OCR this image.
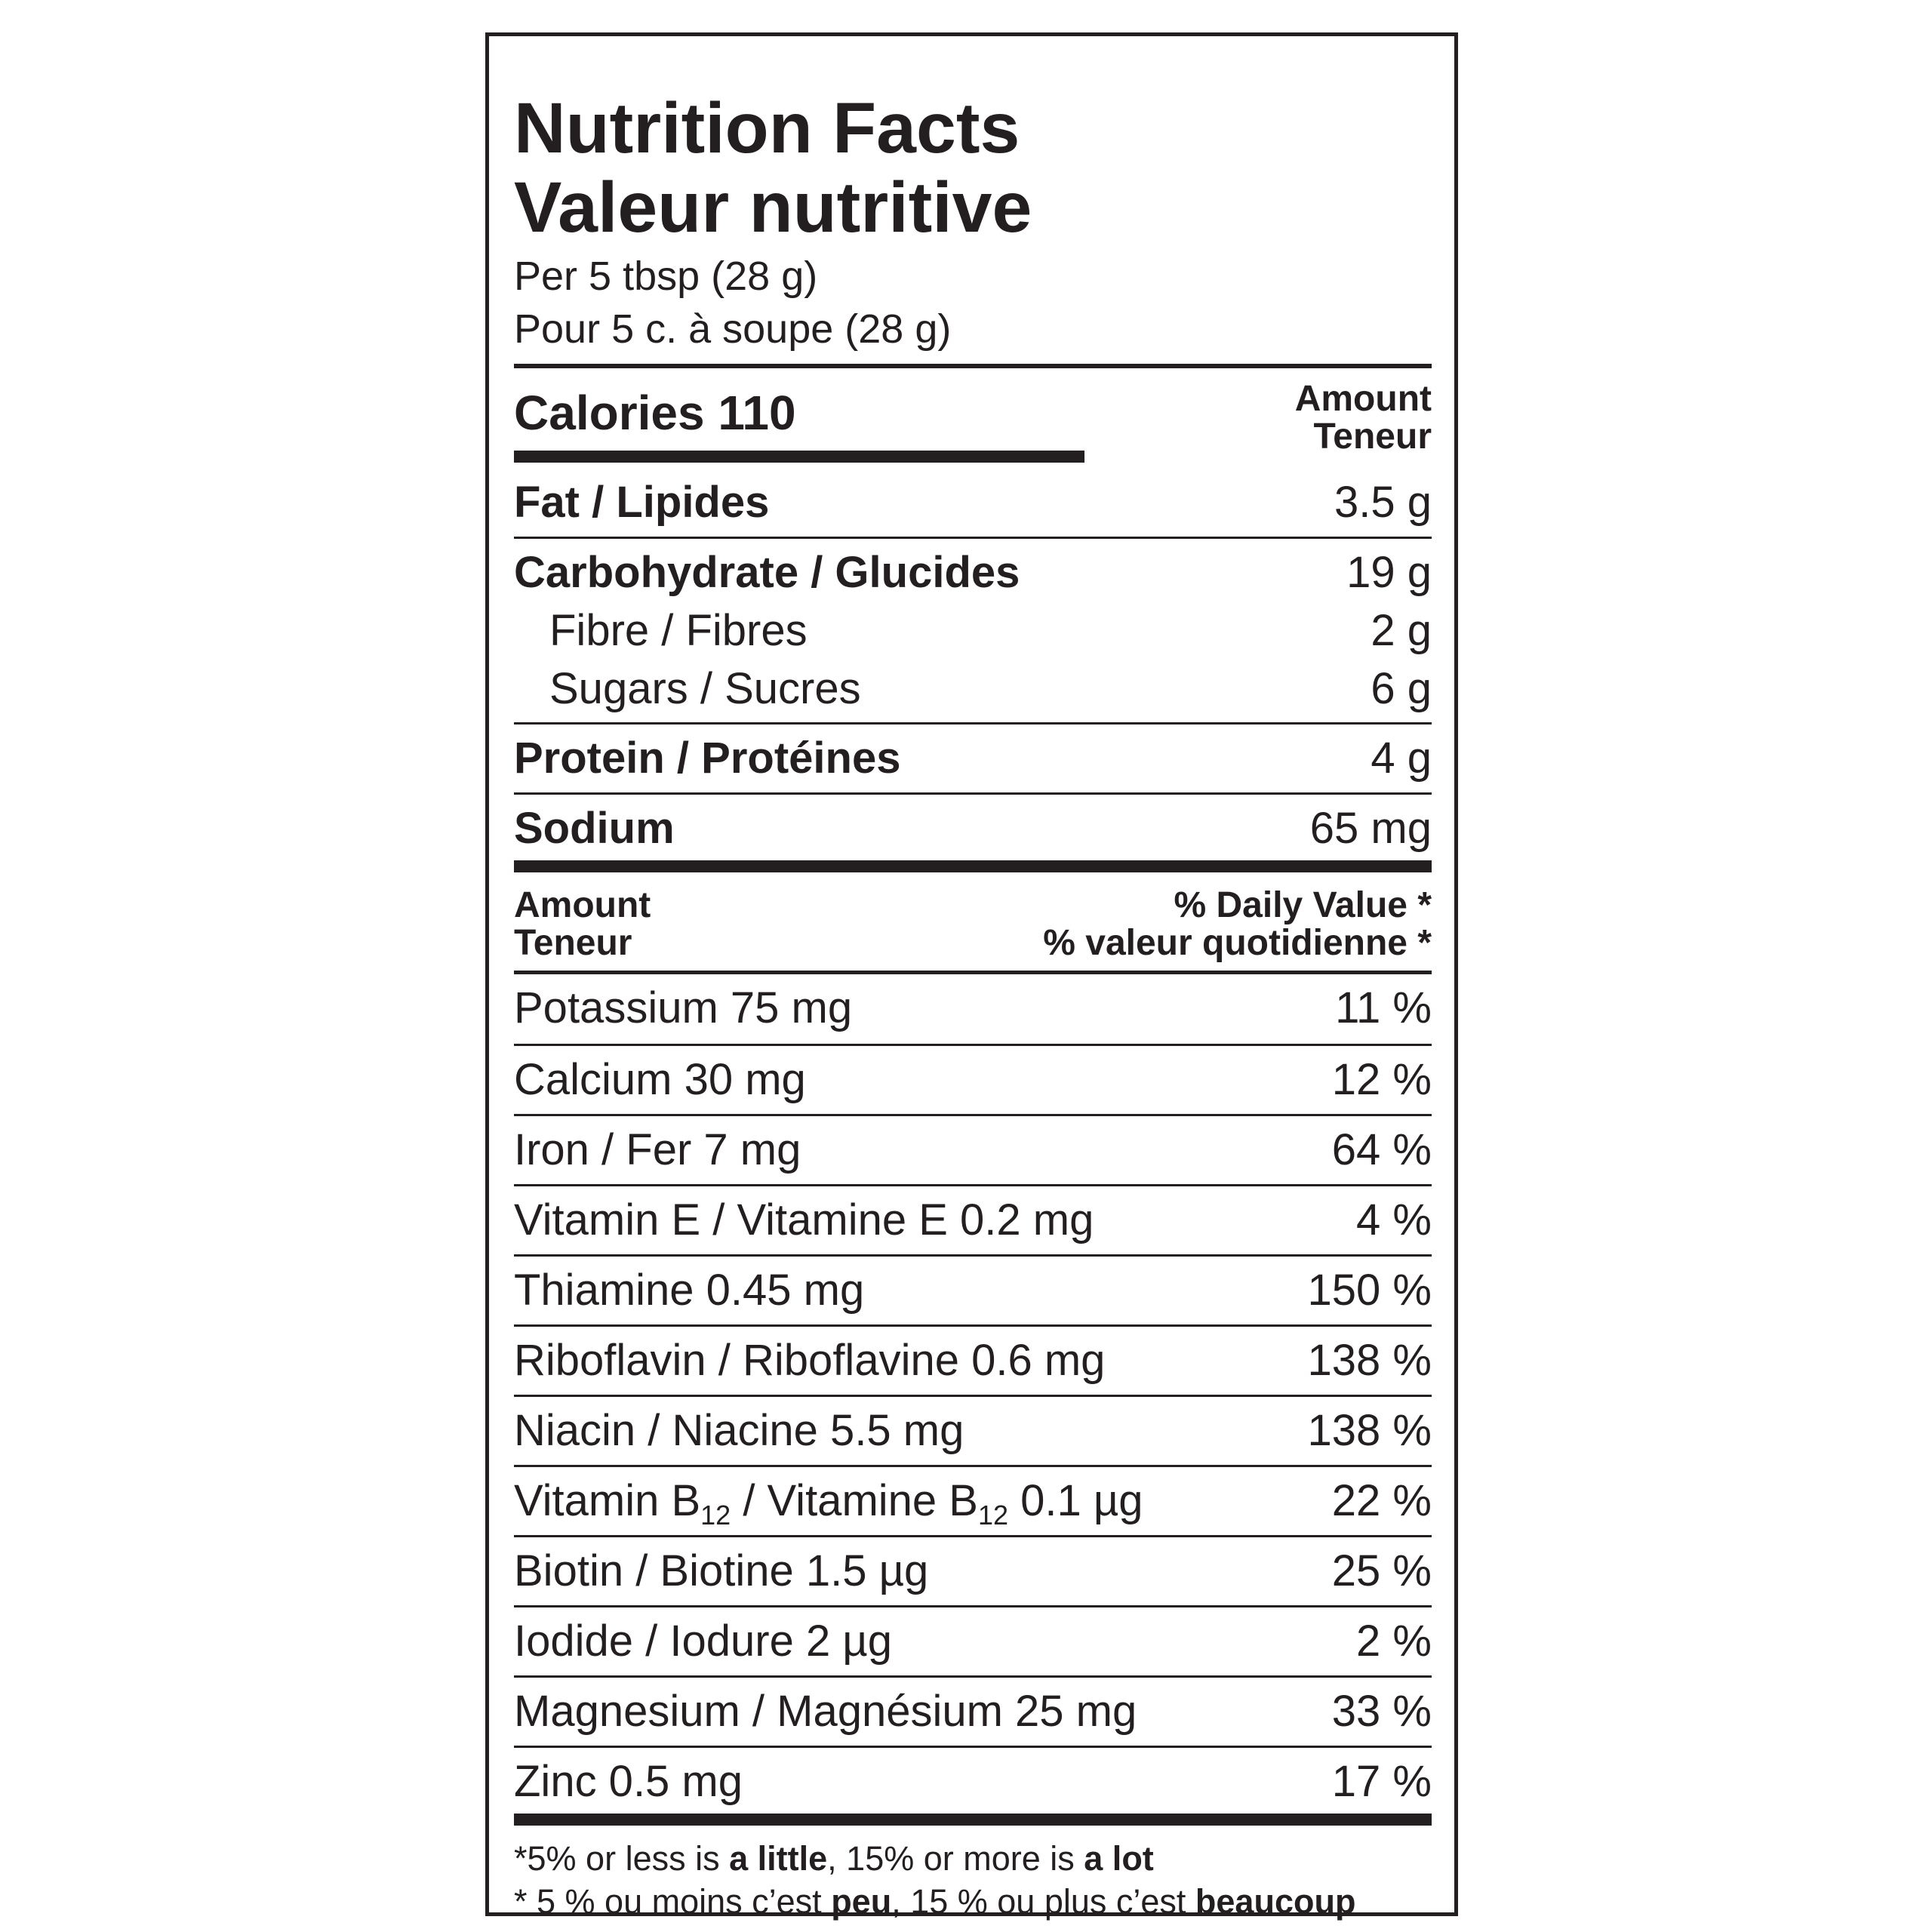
Nutrition Facts
Valeur nutritive
Per 5 tbsp (28 g)
Pour 5 c. à soupe (28 g)
Calories 110	Amount
Teneur
Fat / Lipides	3.5 g
Carbohydrate / Glucides	19 g
Fibre / Fibres	2 g
Sugars / Sucres	6 g
Protein / Protéines	4 g
Sodium	65 mg
Amount
Teneur
% Daily Value *
% valeur quotidienne *
Potassium 75 mg	11 %
Calcium 30 mg	12 %
Iron / Fer 7 mg	64 %
Vitamin E / Vitamine E 0.2 mg	4 %
Thiamine 0.45 mg	150 %
Riboflavin / Riboflavine 0.6 mg	138 %
Niacin / Niacine 5.5 mg	138 %
Vitamin $B_{12}$ / Vitamine $B_{12}$ 0.1 µg	22 %
Biotin / Biotine 1.5 µg	25 %
Iodide / Iodure 2 µg	2 %
Magnesium / Magnésium 25 mg	33 %
Zinc 0.5 mg	17 %
*5% or less is a little, 15% or more is a lot
* 5 % ou moins c’est peu, 15 % ou plus c’est beaucoup
